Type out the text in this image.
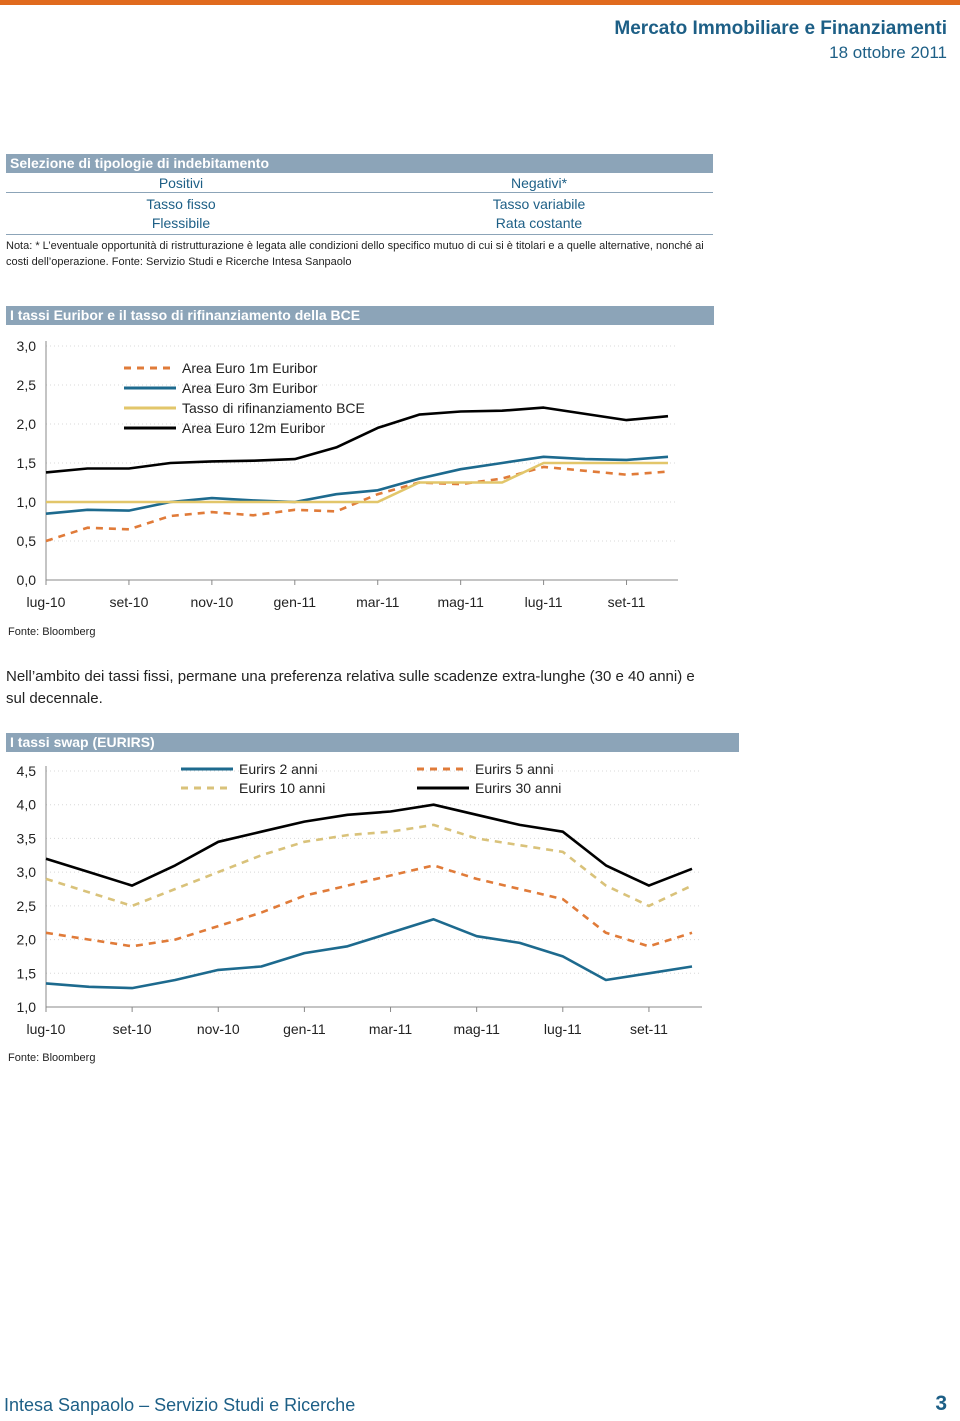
Mercato Immobiliare e Finanziamenti
18 ottobre 2011
Selezione di tipologie di indebitamento
Positivi	Negativi*
Tasso fisso	Tasso variabile
Flessibile	Rata costante
Nota: * L’eventuale opportunità di ristrutturazione è legata alle condizioni dello specifico mutuo di cui si è titolari e a quelle alternative, nonché ai costi dell’operazione. Fonte: Servizio Studi e Ricerche Intesa Sanpaolo
I tassi Euribor e il tasso di rifinanziamento della BCE
0,0
0,5
1,0
1,5
2,0
2,5
3,0
lug-10	set-10	nov-10	gen-11	mar-11	mag-11	lug-11	set-11
Area Euro 1m Euribor
Area Euro 3m Euribor
Tasso di rifinanziamento BCE
Area Euro 12m Euribor
Fonte: Bloomberg
Nell’ambito dei tassi fissi, permane una preferenza relativa sulle scadenze extra-lunghe (30 e 40 anni) e sul decennale.
I tassi swap (EURIRS)
1,0
1,5
2,0
2,5
3,0
3,5
4,0
4,5
lug-10	set-10	nov-10	gen-11	mar-11	mag-11	lug-11	set-11
Eurirs 2 anni	Eurirs 5 anni
Eurirs 10 anni	Eurirs 30 anni
Fonte: Bloomberg
Intesa Sanpaolo – Servizio Studi e Ricerche	3
